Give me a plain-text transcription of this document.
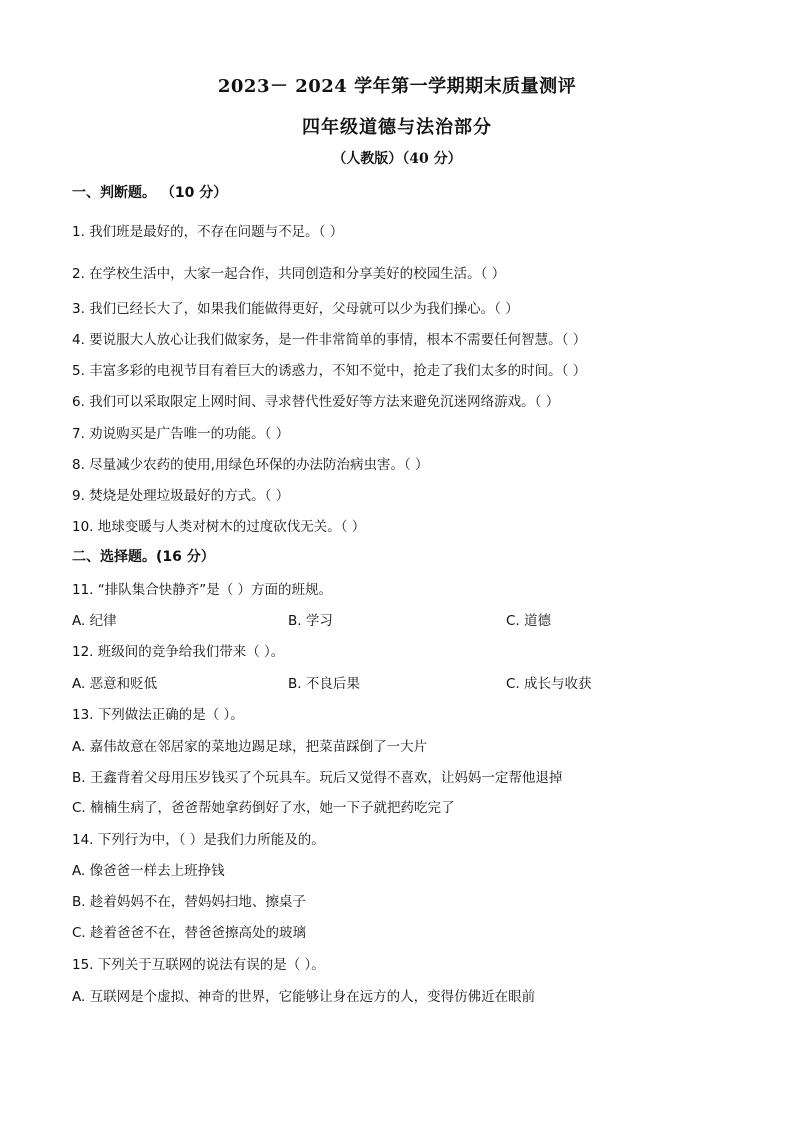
2023－ 2024 学年第一学期期末质量测评
四年级道德与法治部分
（人教版）（40 分）
一、判断题。 （10 分）
1. 我们班是最好的，不存在问题与不足。（ ）
2. 在学校生活中，大家一起合作，共同创造和分享美好的校园生活。（ ）
3. 我们已经长大了，如果我们能做得更好，父母就可以少为我们操心。（ ）
4. 要说服大人放心让我们做家务，是一件非常简单的事情，根本不需要任何智慧。（ ）
5. 丰富多彩的电视节目有着巨大的诱惑力，不知不觉中，抢走了我们太多的时间。（ ）
6. 我们可以采取限定上网时间、寻求替代性爱好等方法来避免沉迷网络游戏。（ ）
7. 劝说购买是广告唯一的功能。（ ）
8. 尽量减少农药的使用,用绿色环保的办法防治病虫害。（ ）
9. 焚烧是处理垃圾最好的方式。（ ）
10. 地球变暖与人类对树木的过度砍伐无关。（ ）
二、选择题。(16 分）
11. “排队集合快静齐”是（ ）方面的班规。
A. 纪律	B. 学习	C. 道德
12. 班级间的竞争给我们带来（ ）。
A. 恶意和贬低	B. 不良后果	C. 成长与收获
13. 下列做法正确的是（ ）。
A. 嘉伟故意在邻居家的菜地边踢足球，把菜苗踩倒了一大片
B. 王鑫背着父母用压岁钱买了个玩具车。玩后又觉得不喜欢，让妈妈一定帮他退掉
C. 楠楠生病了，爸爸帮她拿药倒好了水，她一下子就把药吃完了
14. 下列行为中，（ ）是我们力所能及的。
A. 像爸爸一样去上班挣钱
B. 趁着妈妈不在，替妈妈扫地、擦桌子
C. 趁着爸爸不在，替爸爸擦高处的玻璃
15. 下列关于互联网的说法有误的是（ ）。
A. 互联网是个虚拟、神奇的世界，它能够让身在远方的人，变得仿佛近在眼前
